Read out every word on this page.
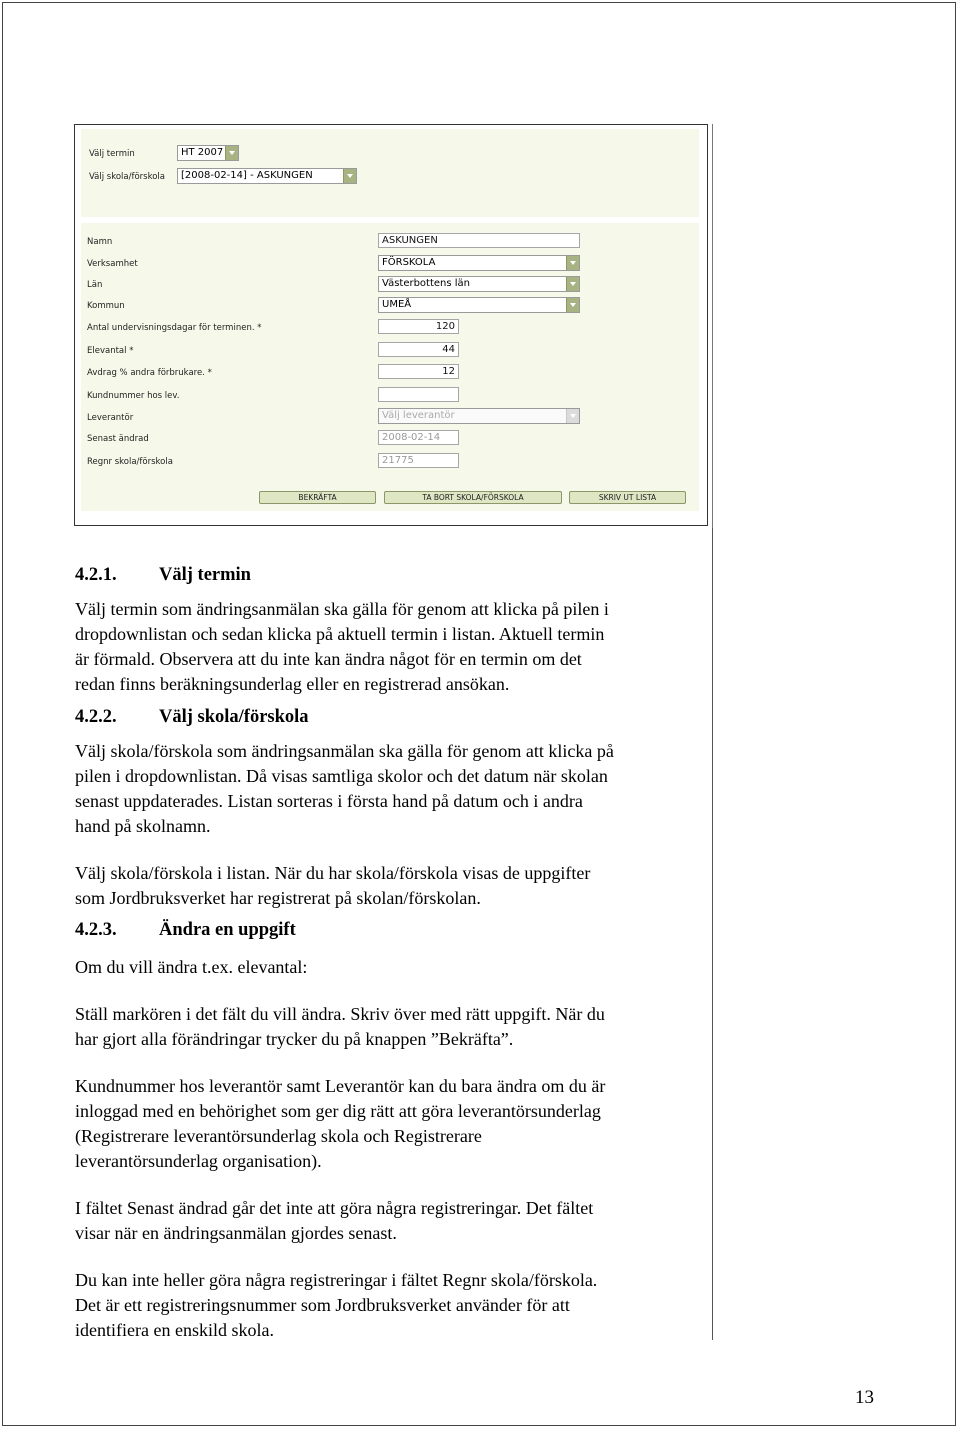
Välj termin	HT 2007
Välj skola/förskola	[2008-02-14] - ASKUNGEN
Namn	ASKUNGEN
Verksamhet	FÖRSKOLA
Län	Västerbottens län
Kommun	UMEÅ
Antal undervisningsdagar för terminen. *	120
Elevantal *	44
Avdrag % andra förbrukare. *	12
Kundnummer hos lev.
Leverantör	Välj leverantör
Senast ändrad	2008-02-14
Regnr skola/förskola	21775
BEKRÄFTA	TA BORT SKOLA/FÖRSKOLA	SKRIV UT LISTA
4.2.1. Välj termin
Välj termin som ändringsanmälan ska gälla för genom att klicka på pilen i
dropdownlistan och sedan klicka på aktuell termin i listan. Aktuell termin
är förmald. Observera att du inte kan ändra något för en termin om det
redan finns beräkningsunderlag eller en registrerad ansökan.
4.2.2. Välj skola/förskola
Välj skola/förskola som ändringsanmälan ska gälla för genom att klicka på
pilen i dropdownlistan. Då visas samtliga skolor och det datum när skolan
senast uppdaterades. Listan sorteras i första hand på datum och i andra
hand på skolnamn.
Välj skola/förskola i listan. När du har skola/förskola visas de uppgifter
som Jordbruksverket har registrerat på skolan/förskolan.
4.2.3. Ändra en uppgift
Om du vill ändra t.ex. elevantal:
Ställ markören i det fält du vill ändra. Skriv över med rätt uppgift. När du
har gjort alla förändringar trycker du på knappen ”Bekräfta”.
Kundnummer hos leverantör samt Leverantör kan du bara ändra om du är
inloggad med en behörighet som ger dig rätt att göra leverantörsunderlag
(Registrerare leverantörsunderlag skola och Registrerare
leverantörsunderlag organisation).
I fältet Senast ändrad går det inte att göra några registreringar. Det fältet
visar när en ändringsanmälan gjordes senast.
Du kan inte heller göra några registreringar i fältet Regnr skola/förskola.
Det är ett registreringsnummer som Jordbruksverket använder för att
identifiera en enskild skola.
13
